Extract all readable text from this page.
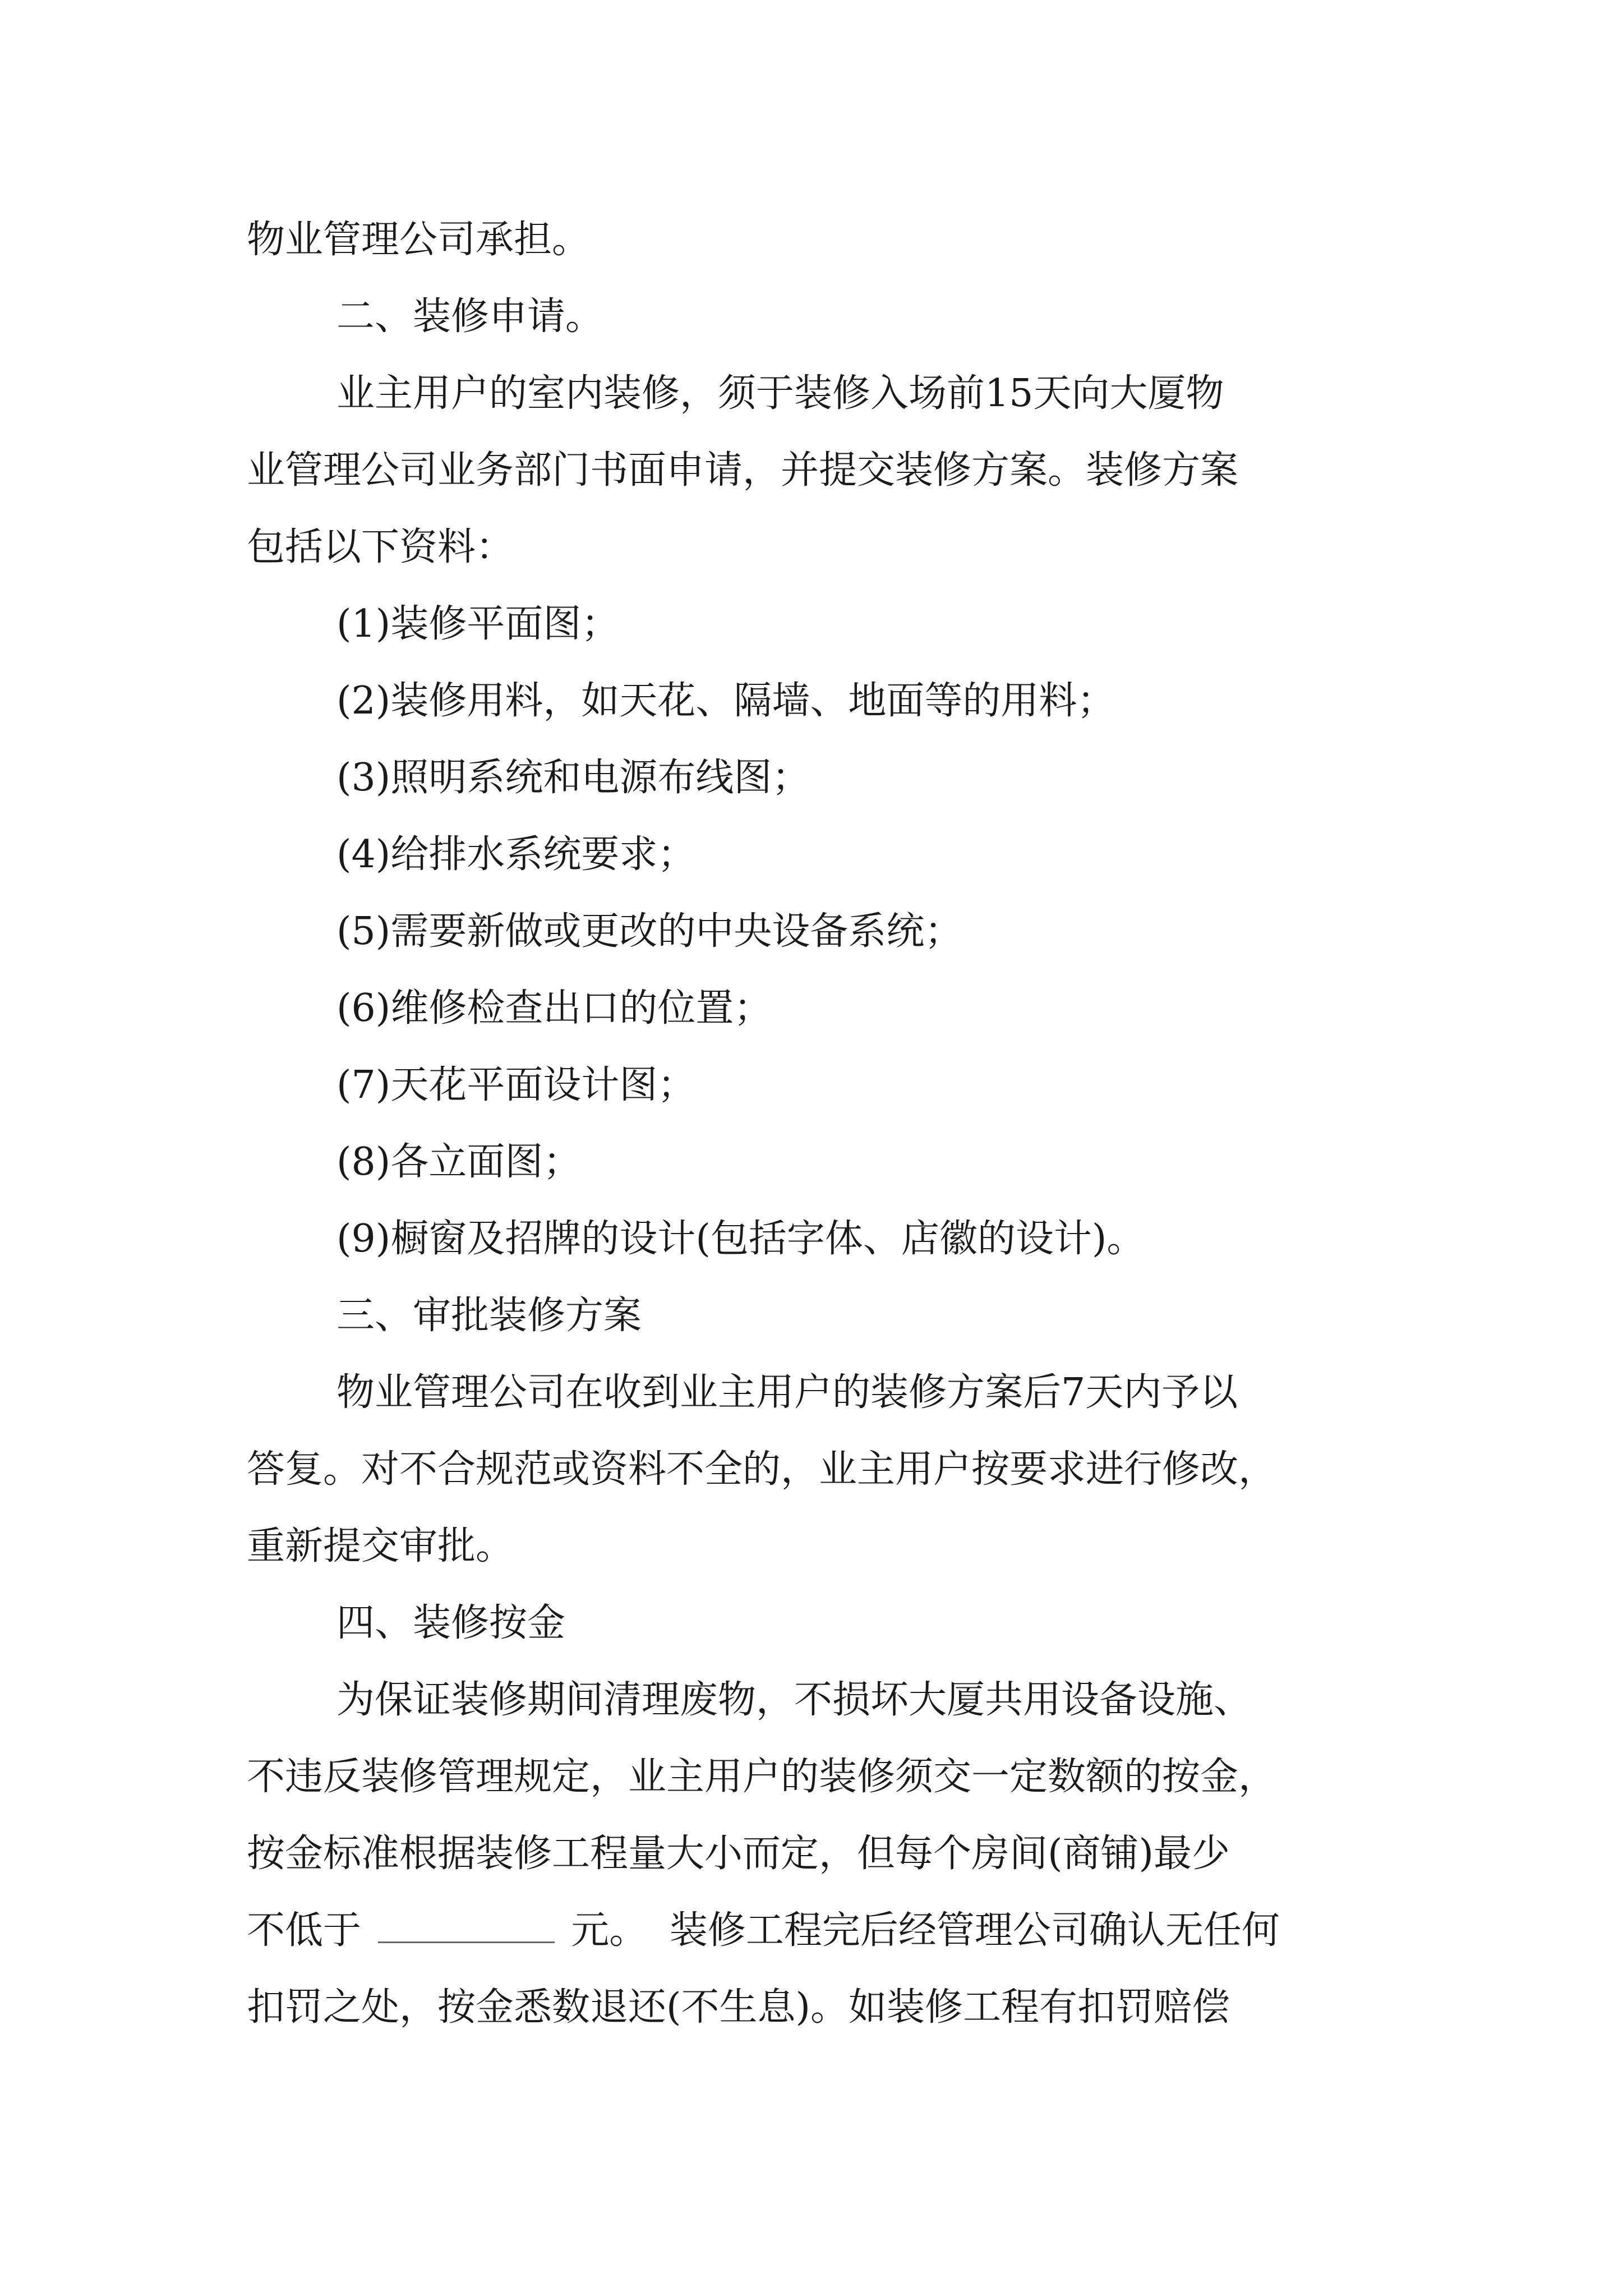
物业管理公司承担。
二、装修申请。
业主用户的室内装修，须于装修入场前15天向大厦物
业管理公司业务部门书面申请，并提交装修方案。装修方案
包括以下资料：
(1)装修平面图；
(2)装修用料，如天花、隔墙、地面等的用料；
(3)照明系统和电源布线图；
(4)给排水系统要求；
(5)需要新做或更改的中央设备系统；
(6)维修检查出口的位置；
(7)天花平面设计图；
(8)各立面图；
(9)橱窗及招牌的设计(包括字体、店徽的设计)。
三、审批装修方案
物业管理公司在收到业主用户的装修方案后7天内予以
答复。对不合规范或资料不全的，业主用户按要求进行修改，
重新提交审批。
四、装修按金
为保证装修期间清理废物，不损坏大厦共用设备设施、
不违反装修管理规定，业主用户的装修须交一定数额的按金，
按金标准根据装修工程量大小而定，但每个房间(商铺)最少
不低于	元。 装修工程完后经管理公司确认无任何
扣罚之处，按金悉数退还(不生息)。如装修工程有扣罚赔偿
